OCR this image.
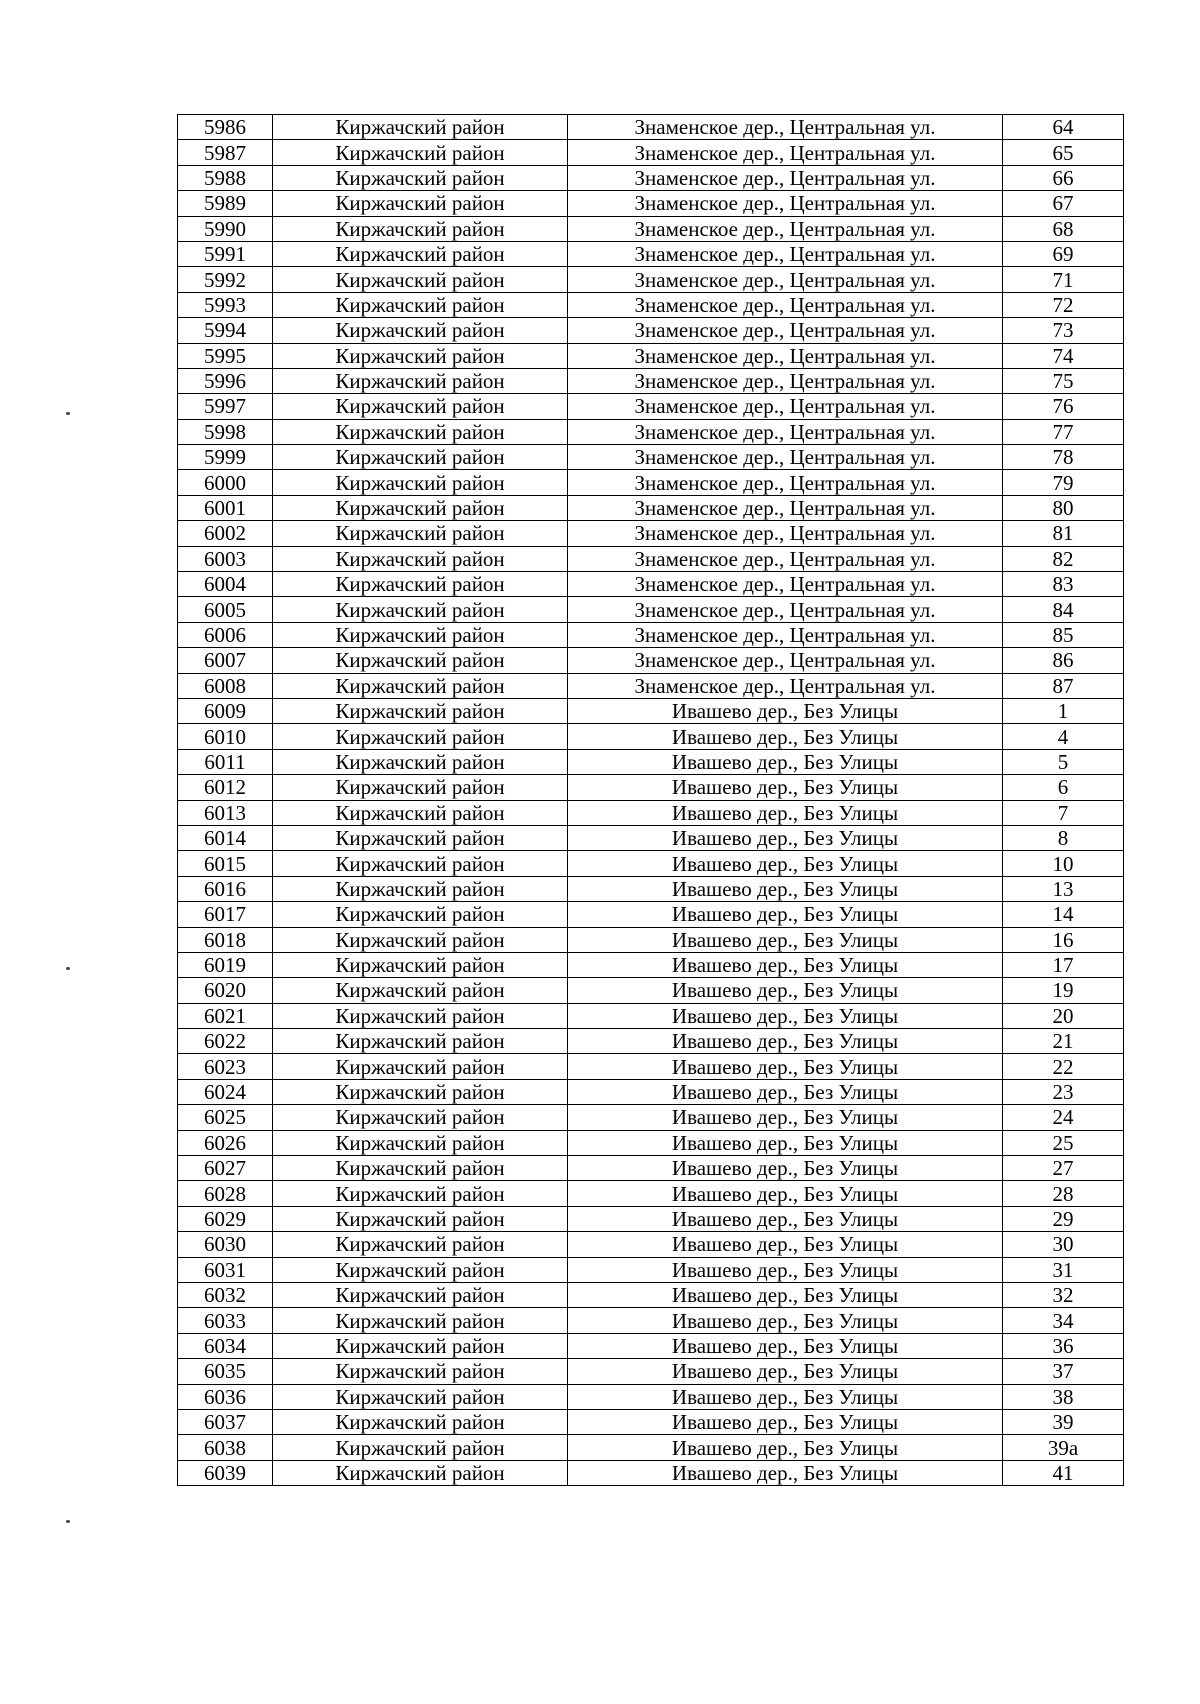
5986	Киржачский район	Знаменское дер., Центральная ул.	64
5987	Киржачский район	Знаменское дер., Центральная ул.	65
5988	Киржачский район	Знаменское дер., Центральная ул.	66
5989	Киржачский район	Знаменское дер., Центральная ул.	67
5990	Киржачский район	Знаменское дер., Центральная ул.	68
5991	Киржачский район	Знаменское дер., Центральная ул.	69
5992	Киржачский район	Знаменское дер., Центральная ул.	71
5993	Киржачский район	Знаменское дер., Центральная ул.	72
5994	Киржачский район	Знаменское дер., Центральная ул.	73
5995	Киржачский район	Знаменское дер., Центральная ул.	74
5996	Киржачский район	Знаменское дер., Центральная ул.	75
5997	Киржачский район	Знаменское дер., Центральная ул.	76
5998	Киржачский район	Знаменское дер., Центральная ул.	77
5999	Киржачский район	Знаменское дер., Центральная ул.	78
6000	Киржачский район	Знаменское дер., Центральная ул.	79
6001	Киржачский район	Знаменское дер., Центральная ул.	80
6002	Киржачский район	Знаменское дер., Центральная ул.	81
6003	Киржачский район	Знаменское дер., Центральная ул.	82
6004	Киржачский район	Знаменское дер., Центральная ул.	83
6005	Киржачский район	Знаменское дер., Центральная ул.	84
6006	Киржачский район	Знаменское дер., Центральная ул.	85
6007	Киржачский район	Знаменское дер., Центральная ул.	86
6008	Киржачский район	Знаменское дер., Центральная ул.	87
6009	Киржачский район	Ивашево дер., Без Улицы	1
6010	Киржачский район	Ивашево дер., Без Улицы	4
6011	Киржачский район	Ивашево дер., Без Улицы	5
6012	Киржачский район	Ивашево дер., Без Улицы	6
6013	Киржачский район	Ивашево дер., Без Улицы	7
6014	Киржачский район	Ивашево дер., Без Улицы	8
6015	Киржачский район	Ивашево дер., Без Улицы	10
6016	Киржачский район	Ивашево дер., Без Улицы	13
6017	Киржачский район	Ивашево дер., Без Улицы	14
6018	Киржачский район	Ивашево дер., Без Улицы	16
6019	Киржачский район	Ивашево дер., Без Улицы	17
6020	Киржачский район	Ивашево дер., Без Улицы	19
6021	Киржачский район	Ивашево дер., Без Улицы	20
6022	Киржачский район	Ивашево дер., Без Улицы	21
6023	Киржачский район	Ивашево дер., Без Улицы	22
6024	Киржачский район	Ивашево дер., Без Улицы	23
6025	Киржачский район	Ивашево дер., Без Улицы	24
6026	Киржачский район	Ивашево дер., Без Улицы	25
6027	Киржачский район	Ивашево дер., Без Улицы	27
6028	Киржачский район	Ивашево дер., Без Улицы	28
6029	Киржачский район	Ивашево дер., Без Улицы	29
6030	Киржачский район	Ивашево дер., Без Улицы	30
6031	Киржачский район	Ивашево дер., Без Улицы	31
6032	Киржачский район	Ивашево дер., Без Улицы	32
6033	Киржачский район	Ивашево дер., Без Улицы	34
6034	Киржачский район	Ивашево дер., Без Улицы	36
6035	Киржачский район	Ивашево дер., Без Улицы	37
6036	Киржачский район	Ивашево дер., Без Улицы	38
6037	Киржачский район	Ивашево дер., Без Улицы	39
6038	Киржачский район	Ивашево дер., Без Улицы	39а
6039	Киржачский район	Ивашево дер., Без Улицы	41
